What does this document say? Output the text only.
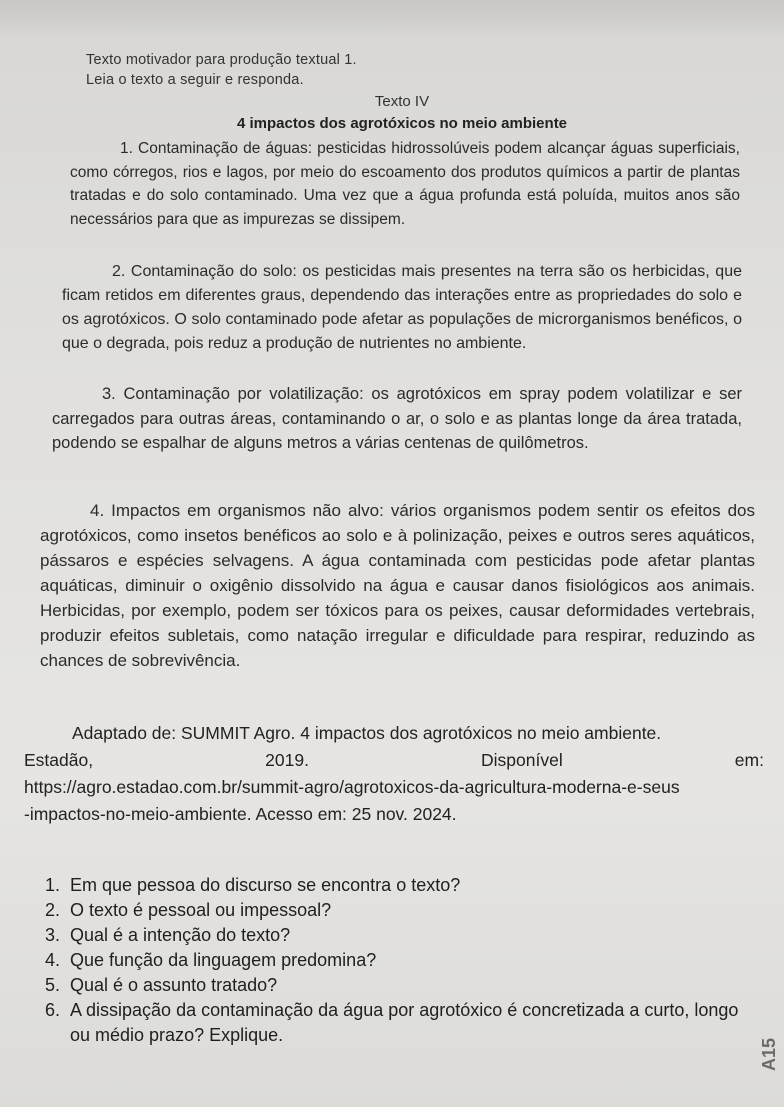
Texto motivador para produção textual 1.
Leia o texto a seguir e responda.
Texto IV
4 impactos dos agrotóxicos no meio ambiente

1. Contaminação de águas: pesticidas hidrossolúveis podem alcançar águas superficiais, como córregos, rios e lagos, por meio do escoamento dos produtos químicos a partir de plantas tratadas e do solo contaminado. Uma vez que a água profunda está poluída, muitos anos são necessários para que as impurezas se dissipem.

2. Contaminação do solo: os pesticidas mais presentes na terra são os herbicidas, que ficam retidos em diferentes graus, dependendo das interações entre as propriedades do solo e os agrotóxicos. O solo contaminado pode afetar as populações de microrganismos benéficos, o que o degrada, pois reduz a produção de nutrientes no ambiente.

3. Contaminação por volatilização: os agrotóxicos em spray podem volatilizar e ser carregados para outras áreas, contaminando o ar, o solo e as plantas longe da área tratada, podendo se espalhar de alguns metros a várias centenas de quilômetros.

4. Impactos em organismos não alvo: vários organismos podem sentir os efeitos dos agrotóxicos, como insetos benéficos ao solo e à polinização, peixes e outros seres aquáticos, pássaros e espécies selvagens. A água contaminada com pesticidas pode afetar plantas aquáticas, diminuir o oxigênio dissolvido na água e causar danos fisiológicos aos animais. Herbicidas, por exemplo, podem ser tóxicos para os peixes, causar deformidades vertebrais, produzir efeitos subletais, como natação irregular e dificuldade para respirar, reduzindo as chances de sobrevivência.

Adaptado de: SUMMIT Agro. 4 impactos dos agrotóxicos no meio ambiente.
Estadão,	2019.	Disponível	em:
https://agro.estadao.com.br/summit-agro/agrotoxicos-da-agricultura-moderna-e-seus
-impactos-no-meio-ambiente. Acesso em: 25 nov. 2024.
1. Em que pessoa do discurso se encontra o texto?
2. O texto é pessoal ou impessoal?
3. Qual é a intenção do texto?
4. Que função da linguagem predomina?
5. Qual é o assunto tratado?
6. A dissipação da contaminação da água por agrotóxico é concretizada a curto, longo ou médio prazo? Explique.
A15
